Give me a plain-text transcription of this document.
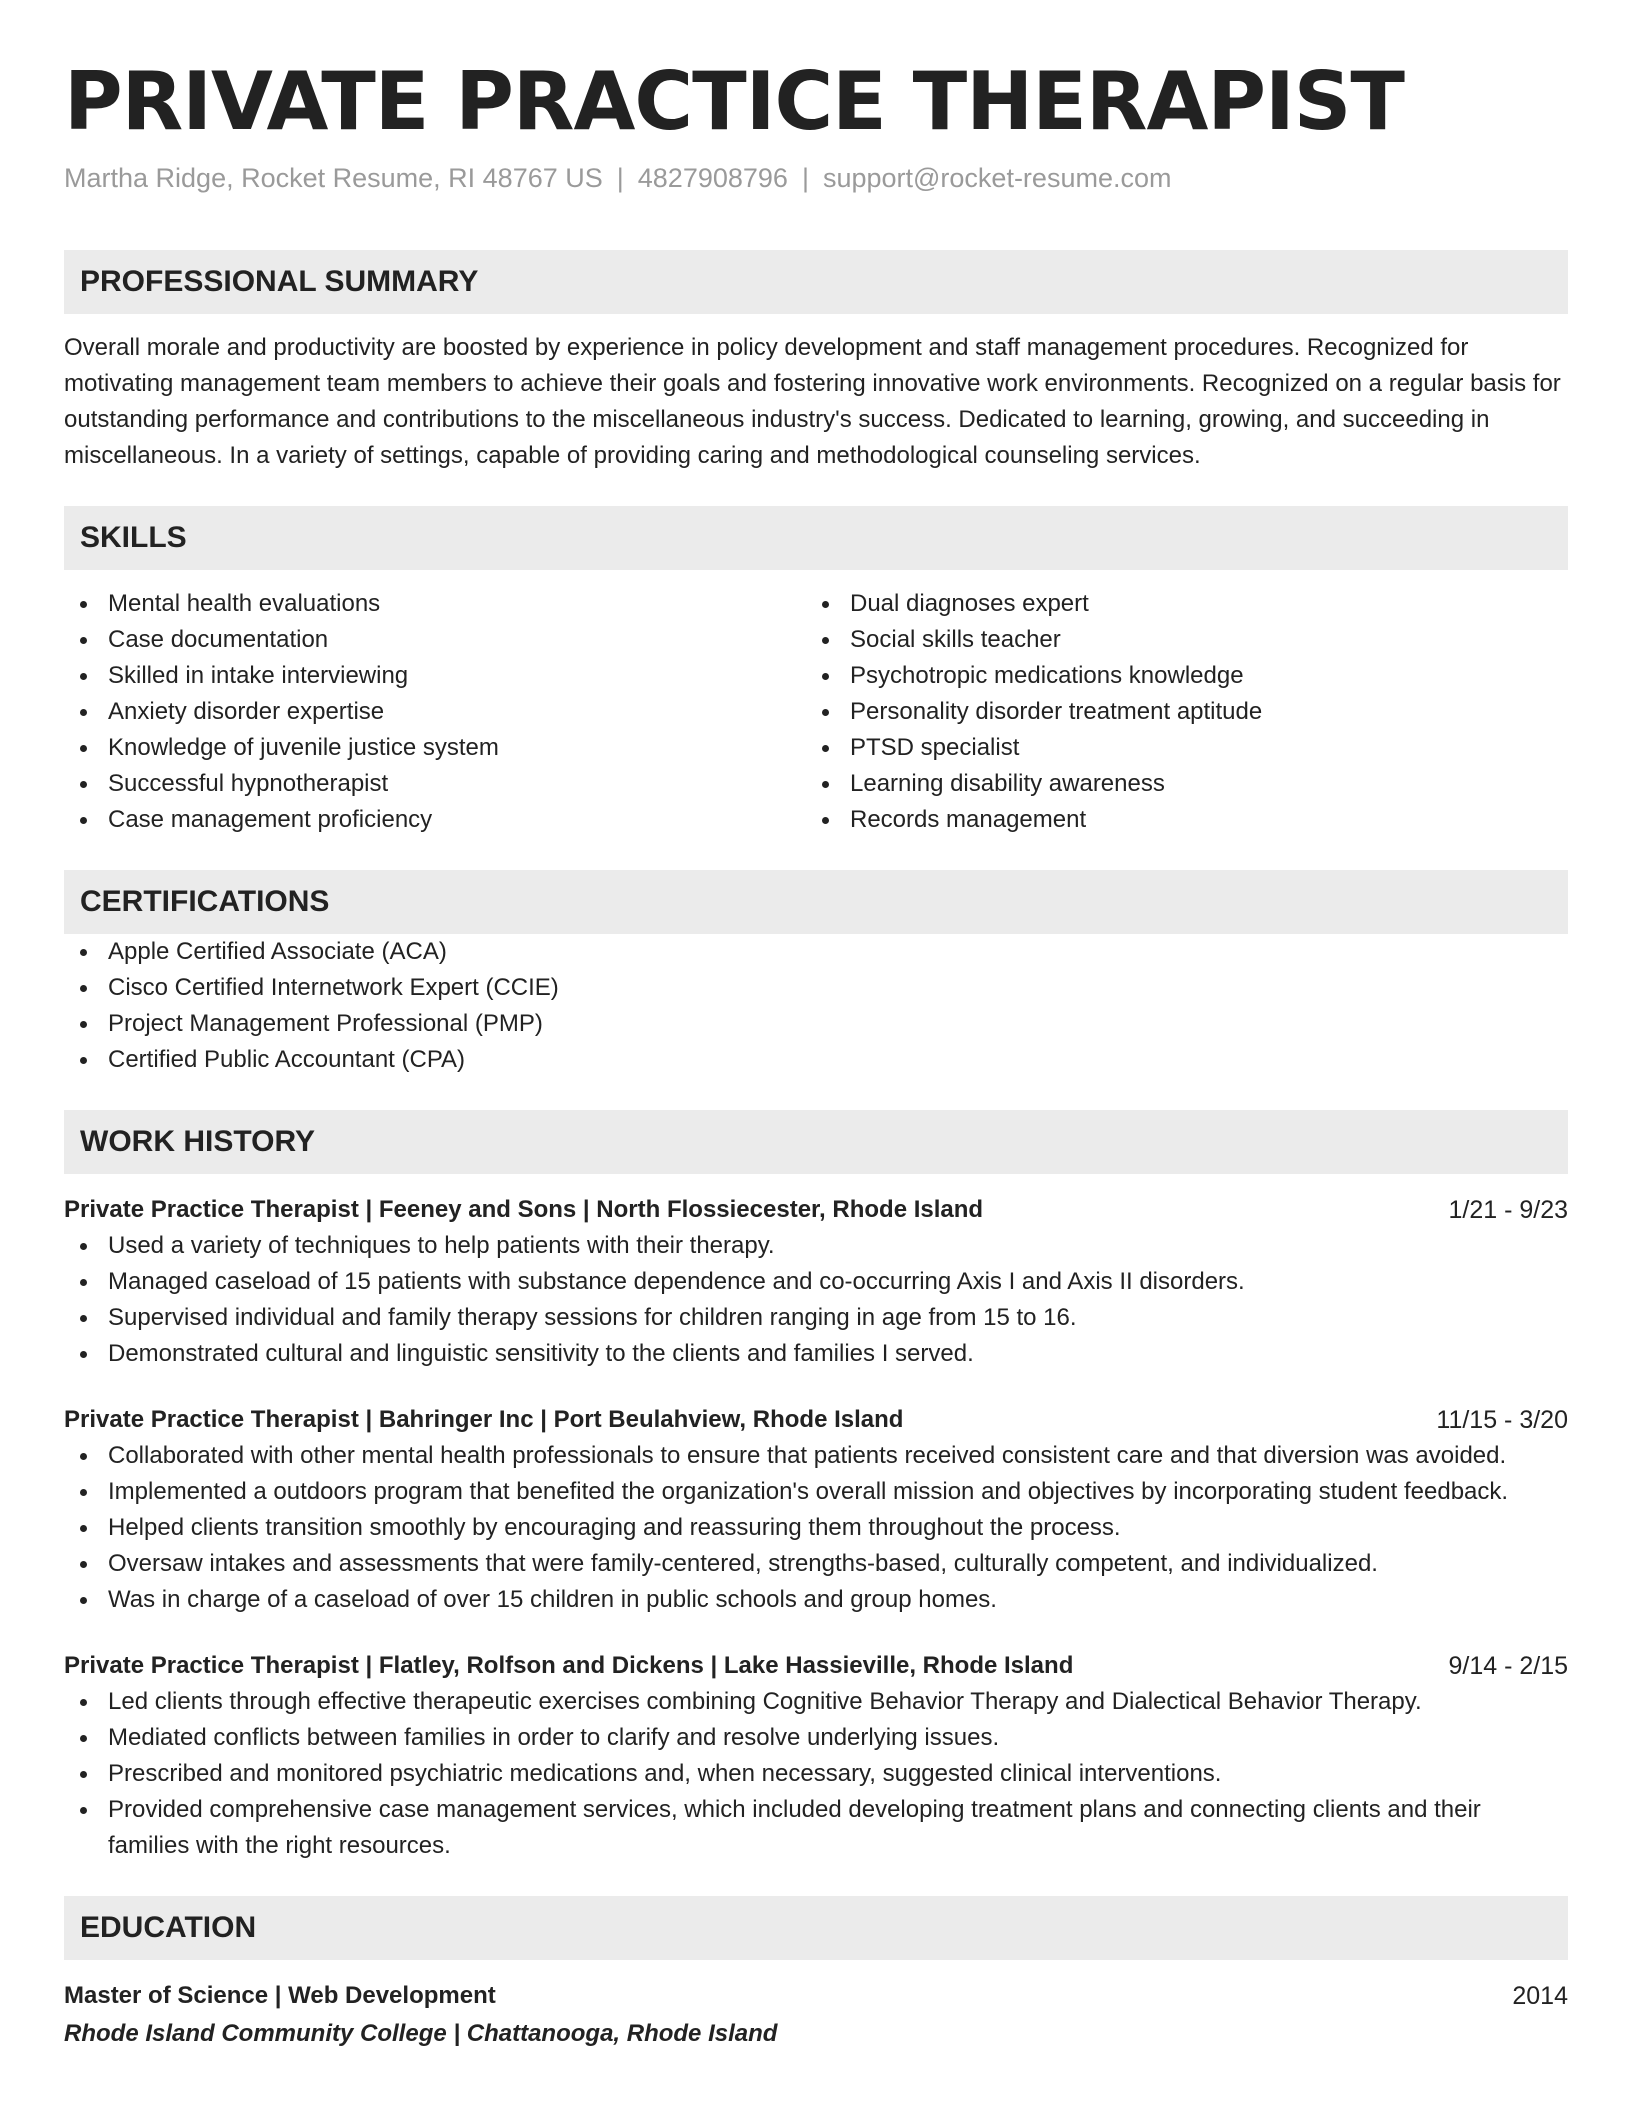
PRIVATE PRACTICE THERAPIST
Martha Ridge, Rocket Resume, RI 48767 US | 4827908796 | support@rocket-resume.com
PROFESSIONAL SUMMARY

Overall morale and productivity are boosted by experience in policy development and staff management procedures. Recognized for motivating management team members to achieve their goals and fostering innovative work environments. Recognized on a regular basis for outstanding performance and contributions to the miscellaneous industry's success. Dedicated to learning, growing, and succeeding in miscellaneous. In a variety of settings, capable of providing caring and methodological counseling services.

SKILLS
Mental health evaluations
Case documentation
Skilled in intake interviewing
Anxiety disorder expertise
Knowledge of juvenile justice system
Successful hypnotherapist
Case management proficiency
Dual diagnoses expert
Social skills teacher
Psychotropic medications knowledge
Personality disorder treatment aptitude
PTSD specialist
Learning disability awareness
Records management
CERTIFICATIONS
Apple Certified Associate (ACA)
Cisco Certified Internetwork Expert (CCIE)
Project Management Professional (PMP)
Certified Public Accountant (CPA)
WORK HISTORY
Private Practice Therapist | Feeney and Sons | North Flossiecester, Rhode Island	1/21 - 9/23
Used a variety of techniques to help patients with their therapy.
Managed caseload of 15 patients with substance dependence and co-occurring Axis I and Axis II disorders.
Supervised individual and family therapy sessions for children ranging in age from 15 to 16.
Demonstrated cultural and linguistic sensitivity to the clients and families I served.
Private Practice Therapist | Bahringer Inc | Port Beulahview, Rhode Island	11/15 - 3/20
Collaborated with other mental health professionals to ensure that patients received consistent care and that diversion was avoided.
Implemented a outdoors program that benefited the organization's overall mission and objectives by incorporating student feedback.
Helped clients transition smoothly by encouraging and reassuring them throughout the process.
Oversaw intakes and assessments that were family-centered, strengths-based, culturally competent, and individualized.
Was in charge of a caseload of over 15 children in public schools and group homes.
Private Practice Therapist | Flatley, Rolfson and Dickens | Lake Hassieville, Rhode Island	9/14 - 2/15
Led clients through effective therapeutic exercises combining Cognitive Behavior Therapy and Dialectical Behavior Therapy.
Mediated conflicts between families in order to clarify and resolve underlying issues.
Prescribed and monitored psychiatric medications and, when necessary, suggested clinical interventions.
Provided comprehensive case management services, which included developing treatment plans and connecting clients and their families with the right resources.
EDUCATION
Master of Science | Web Development	2014
Rhode Island Community College | Chattanooga, Rhode Island
